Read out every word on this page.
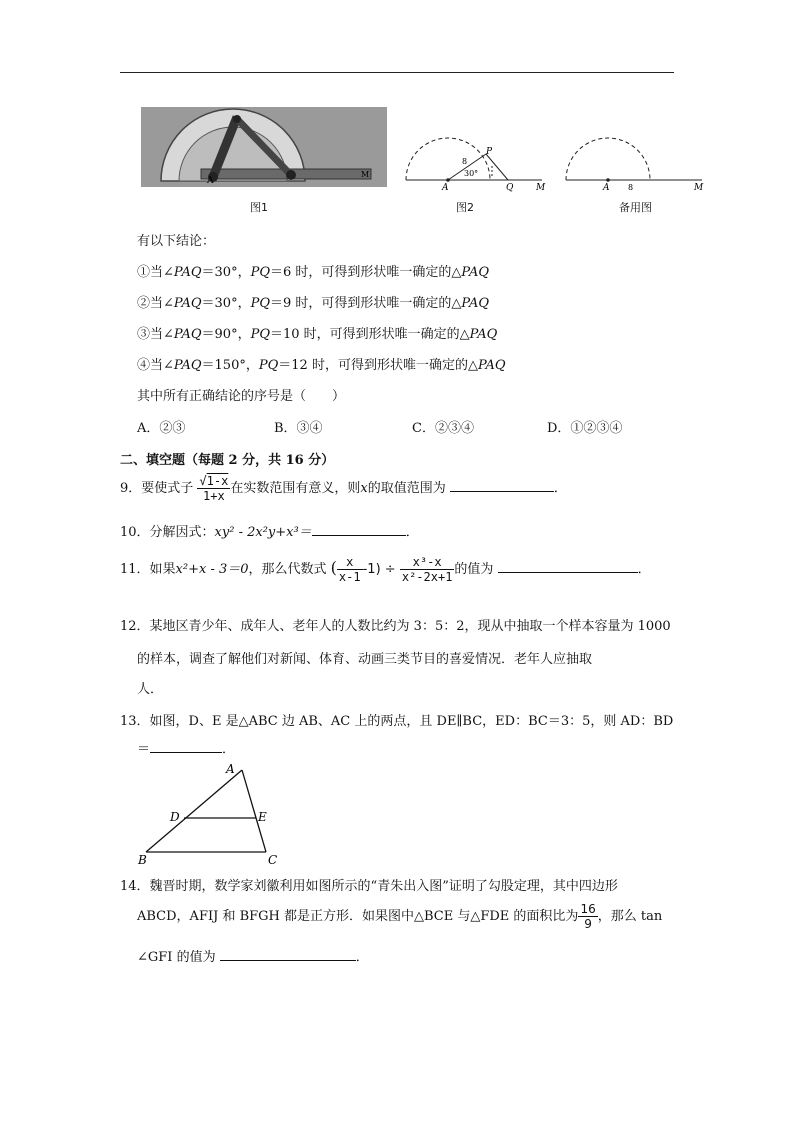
A
M
图1
A
P
Q	M
8
30°
图2
A 8	M
备用图
有以下结论：
①当∠PAQ＝30°，PQ＝6 时，可得到形状唯一确定的△PAQ
②当∠PAQ＝30°，PQ＝9 时，可得到形状唯一确定的△PAQ
③当∠PAQ＝90°，PQ＝10 时，可得到形状唯一确定的△PAQ
④当∠PAQ＝150°，PQ＝12 时，可得到形状唯一确定的△PAQ
其中所有正确结论的序号是（　　）
A．②③	B．③④	C．②③④	D．①②③④
二、填空题（每题 2 分，共 16 分）
9．要使式子 $\frac{√1-x}{1+x}$ 在实数范围有意义，则x的取值范围为	．
10．分解因式：xy² - 2x²y+x³＝	．
11．如果x²+x - 3＝0，那么代数式 ( $\frac{x}{x-1} -1) \div \frac{\text{x³-x}}{\text{x²-2x+1}}$ 的值为	．
12．某地区青少年、成年人、老年人的人数比约为 3：5：2，现从中抽取一个样本容量为 1000
的样本，调查了解他们对新闻、体育、动画三类节目的喜爱情况．老年人应抽取
人．
13．如图，D、E 是△ABC 边 AB、AC 上的两点，且 DE∥BC，ED：BC＝3：5，则 AD：BD
＝	．
A
D	E
B	C
14．魏晋时期，数学家刘徽利用如图所示的“青朱出入图”证明了勾股定理，其中四边形
ABCD，AFIJ 和 BFGH 都是正方形．如果图中△BCE 与△FDE 的面积比为 $\frac{16}{9}$ ，那么 tan
∠GFI 的值为	．
